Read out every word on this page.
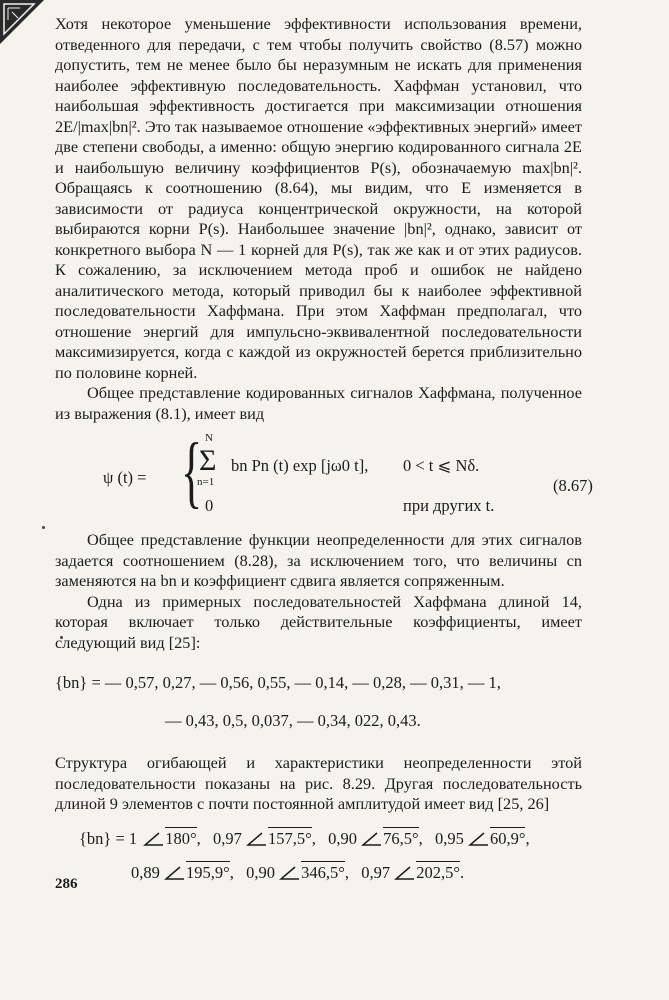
Хотя некоторое уменьшение эффективности использования времени, отведенного для передачи, с тем чтобы получить свойство (8.57) можно допустить, тем не менее было бы неразумным не искать для применения наиболее эффективную последовательность. Хаффман установил, что наибольшая эффективность достигается при максимизации отношения 2E/|max|bn|². Это так называемое отношение «эффективных энергий» имеет две степени свободы, а именно: общую энергию кодированного сигнала 2E и наибольшую величину коэффициентов P(s), обозначаемую max|bn|². Обращаясь к соотношению (8.64), мы видим, что E изменяется в зависимости от радиуса концентрической окружности, на которой выбираются корни P(s). Наибольшее значение |bn|², однако, зависит от конкретного выбора N — 1 корней для P(s), так же как и от этих радиусов. К сожалению, за исключением метода проб и ошибок не найдено аналитического метода, который приводил бы к наиболее эффективной последовательности Хаффмана. При этом Хаффман предполагал, что отношение энергий для импульсно-эквивалентной последовательности максимизируется, когда с каждой из окружностей берется приблизительно по половине корней.

Общее представление кодированных сигналов Хаффмана, полученное из выражения (8.1), имеет вид

ψ (t) = { N
Σ
n=1
bn Pn (t) exp [jω0 t], 0 < t ⩽ Nδ.
0	при других t.
(8.67)

Общее представление функции неопределенности для этих сигналов задается соотношением (8.28), за исключением того, что величины cn заменяются на bn и коэффициент сдвига является сопряженным.

Одна из примерных последовательностей Хаффмана длиной 14, которая включает только действительные коэффициенты, имеет следующий вид [25]:

{bn} = — 0,57, 0,27, — 0,56, 0,55, — 0,14, — 0,28, — 0,31, — 1,
— 0,43, 0,5, 0,037, — 0,34, 022, 0,43.

Структура огибающей и характеристики неопределенности этой последовательности показаны на рис. 8.29. Другая последовательность длиной 9 элементов с почти постоянной амплитудой имеет вид [25, 26]

{bn} = 1 180°,  0,97
157,5°,  0,90
76,5°,  0,95
60,9°,
0,89
195,9°,  0,90
346,5°,  0,97
202,5°.
286
